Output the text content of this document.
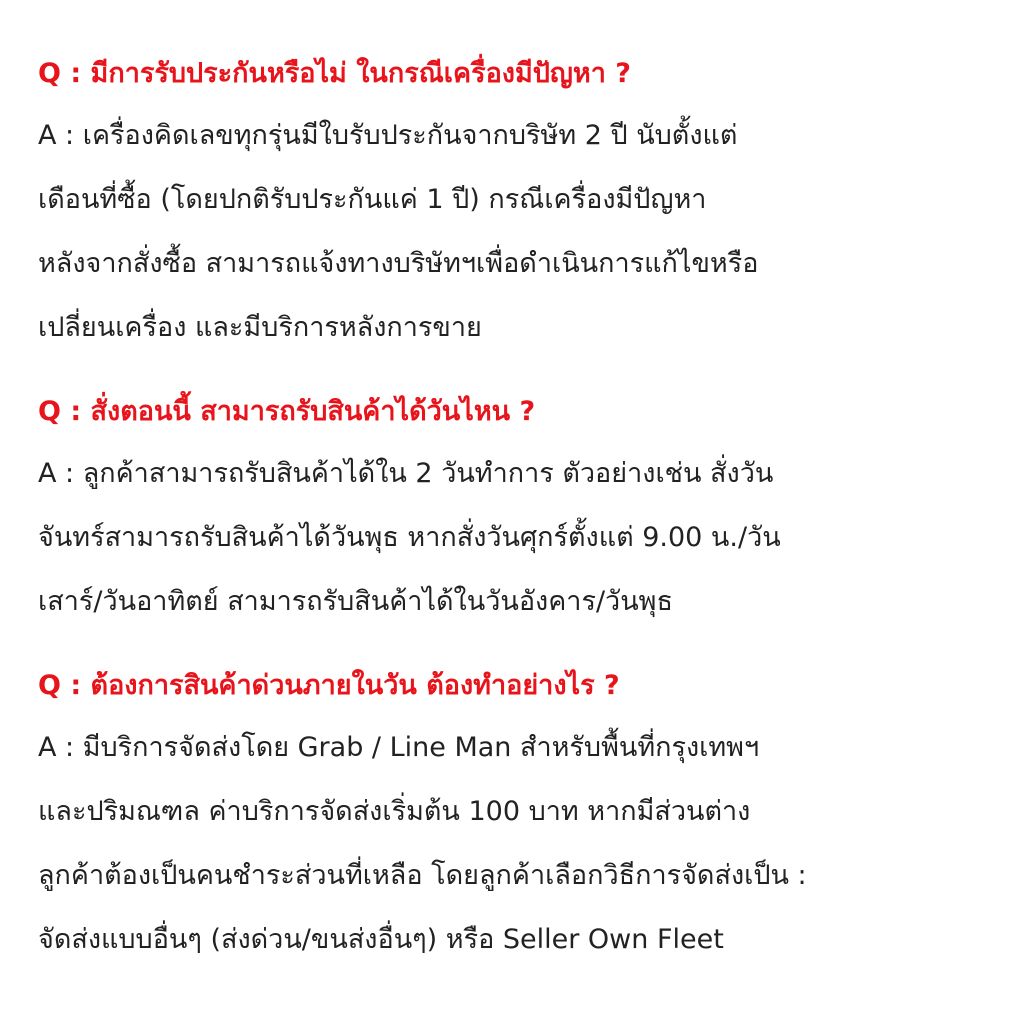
Q : มีการรับประกันหรือไม่ ในกรณีเครื่องมีปัญหา ?

A : เครื่องคิดเลขทุกรุ่นมีใบรับประกันจากบริษัท 2 ปี นับตั้งแต่
เดือนที่ซื้อ (โดยปกติรับประกันแค่ 1 ปี) กรณีเครื่องมีปัญหา
หลังจากสั่งซื้อ สามารถแจ้งทางบริษัทฯเพื่อดำเนินการแก้ไขหรือ
เปลี่ยนเครื่อง และมีบริการหลังการขาย

Q : สั่งตอนนี้ สามารถรับสินค้าได้วันไหน ?

A : ลูกค้าสามารถรับสินค้าได้ใน 2 วันทำการ ตัวอย่างเช่น สั่งวัน
จันทร์สามารถรับสินค้าได้วันพุธ หากสั่งวันศุกร์ตั้งแต่ 9.00 น./วัน
เสาร์/วันอาทิตย์ สามารถรับสินค้าได้ในวันอังคาร/วันพุธ

Q : ต้องการสินค้าด่วนภายในวัน ต้องทำอย่างไร ?

A : มีบริการจัดส่งโดย Grab / Line Man สำหรับพื้นที่กรุงเทพฯ
และปริมณฑล ค่าบริการจัดส่งเริ่มต้น 100 บาท หากมีส่วนต่าง
ลูกค้าต้องเป็นคนชำระส่วนที่เหลือ โดยลูกค้าเลือกวิธีการจัดส่งเป็น :
จัดส่งแบบอื่นๆ (ส่งด่วน/ขนส่งอื่นๆ) หรือ Seller Own Fleet
